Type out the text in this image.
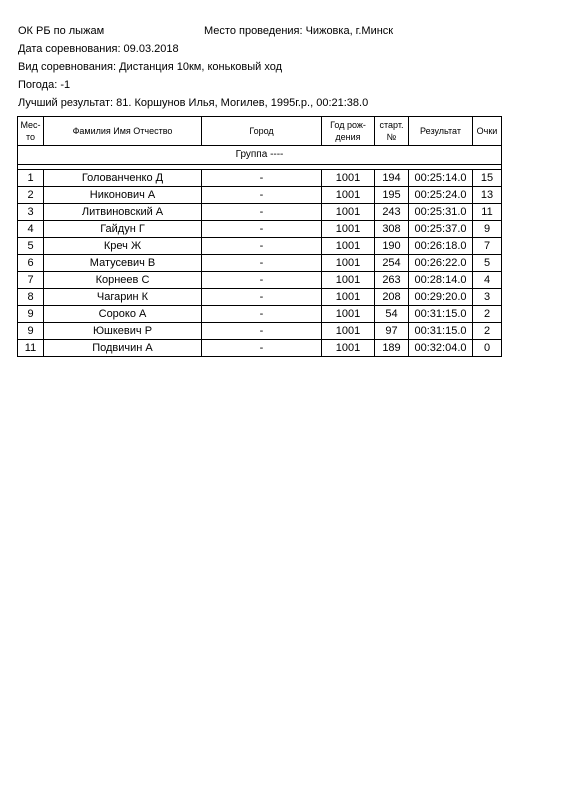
ОК РБ по лыжам	Место проведения: Чижовка, г.Минск
Дата соревнования: 09.03.2018
Вид соревнования: Дистанция 10км, коньковый ход
Погода: -1
Лучший результат: 81. Коршунов Илья, Могилев, 1995г.р., 00:21:38.0
Мес-то	Фамилия Имя Отчество	Город	Год рож-дения	старт. №	Результат	Очки
Группа ----						

1	Голованченко Д	-	1001	194	00:25:14.0	15
2	Никонович А	-	1001	195	00:25:24.0	13
3	Литвиновский А	-	1001	243	00:25:31.0	11
4	Гайдун Г	-	1001	308	00:25:37.0	9
5	Креч Ж	-	1001	190	00:26:18.0	7
6	Матусевич В	-	1001	254	00:26:22.0	5
7	Корнеев С	-	1001	263	00:28:14.0	4
8	Чагарин К	-	1001	208	00:29:20.0	3
9	Сороко А	-	1001	54	00:31:15.0	2
9	Юшкевич Р	-	1001	97	00:31:15.0	2
11	Подвичин А	-	1001	189	00:32:04.0	0
